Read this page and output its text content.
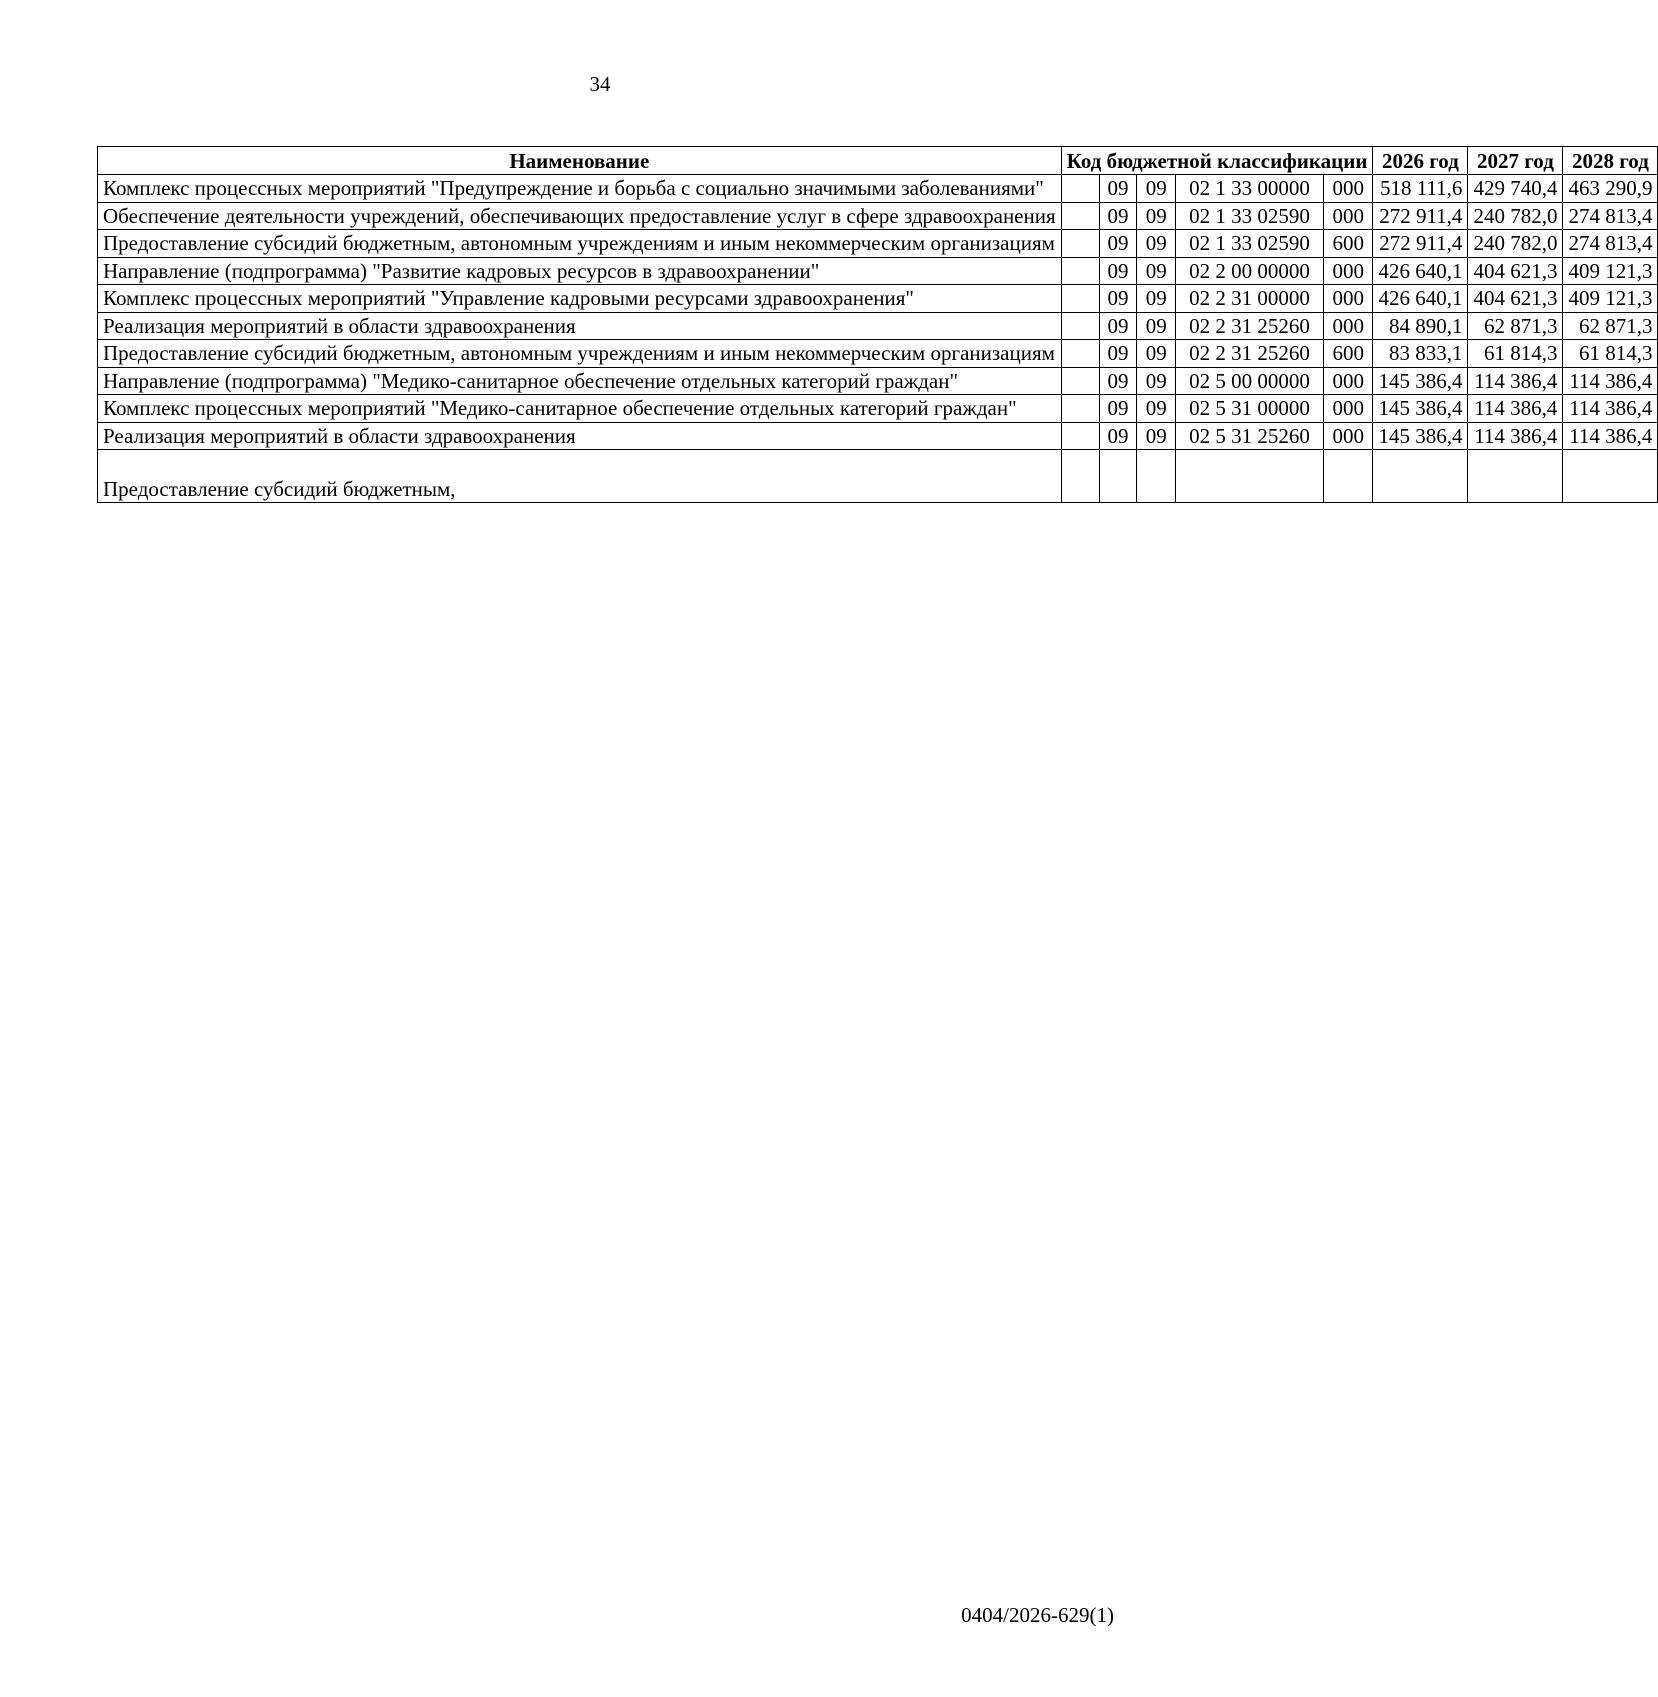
34
Наименование	Код бюджетной классификации					2026 год	2027 год	2028 год
Комплекс процессных мероприятий "Предупреждение и борьба с социально значимыми заболеваниями"		09	09	02 1 33 00000	000	518 111,6	429 740,4	463 290,9
Обеспечение деятельности учреждений, обеспечивающих предоставление услуг в сфере здравоохранения		09	09	02 1 33 02590	000	272 911,4	240 782,0	274 813,4
Предоставление субсидий бюджетным, автономным учреждениям и иным некоммерческим организациям		09	09	02 1 33 02590	600	272 911,4	240 782,0	274 813,4
Направление (подпрограмма) "Развитие кадровых ресурсов в здравоохранении"		09	09	02 2 00 00000	000	426 640,1	404 621,3	409 121,3
Комплекс процессных мероприятий "Управление кадровыми ресурсами здравоохранения"		09	09	02 2 31 00000	000	426 640,1	404 621,3	409 121,3
Реализация мероприятий в области здравоохранения		09	09	02 2 31 25260	000	84 890,1	62 871,3	62 871,3
Предоставление субсидий бюджетным, автономным учреждениям и иным некоммерческим организациям		09	09	02 2 31 25260	600	83 833,1	61 814,3	61 814,3
Направление (подпрограмма) "Медико-санитарное обеспечение отдельных категорий граждан"		09	09	02 5 00 00000	000	145 386,4	114 386,4	114 386,4
Комплекс процессных мероприятий "Медико-санитарное обеспечение отдельных категорий граждан"		09	09	02 5 31 00000	000	145 386,4	114 386,4	114 386,4
Реализация мероприятий в области здравоохранения		09	09	02 5 31 25260	000	145 386,4	114 386,4	114 386,4
Предоставление субсидий бюджетным,								
0404/2026-629(1)
